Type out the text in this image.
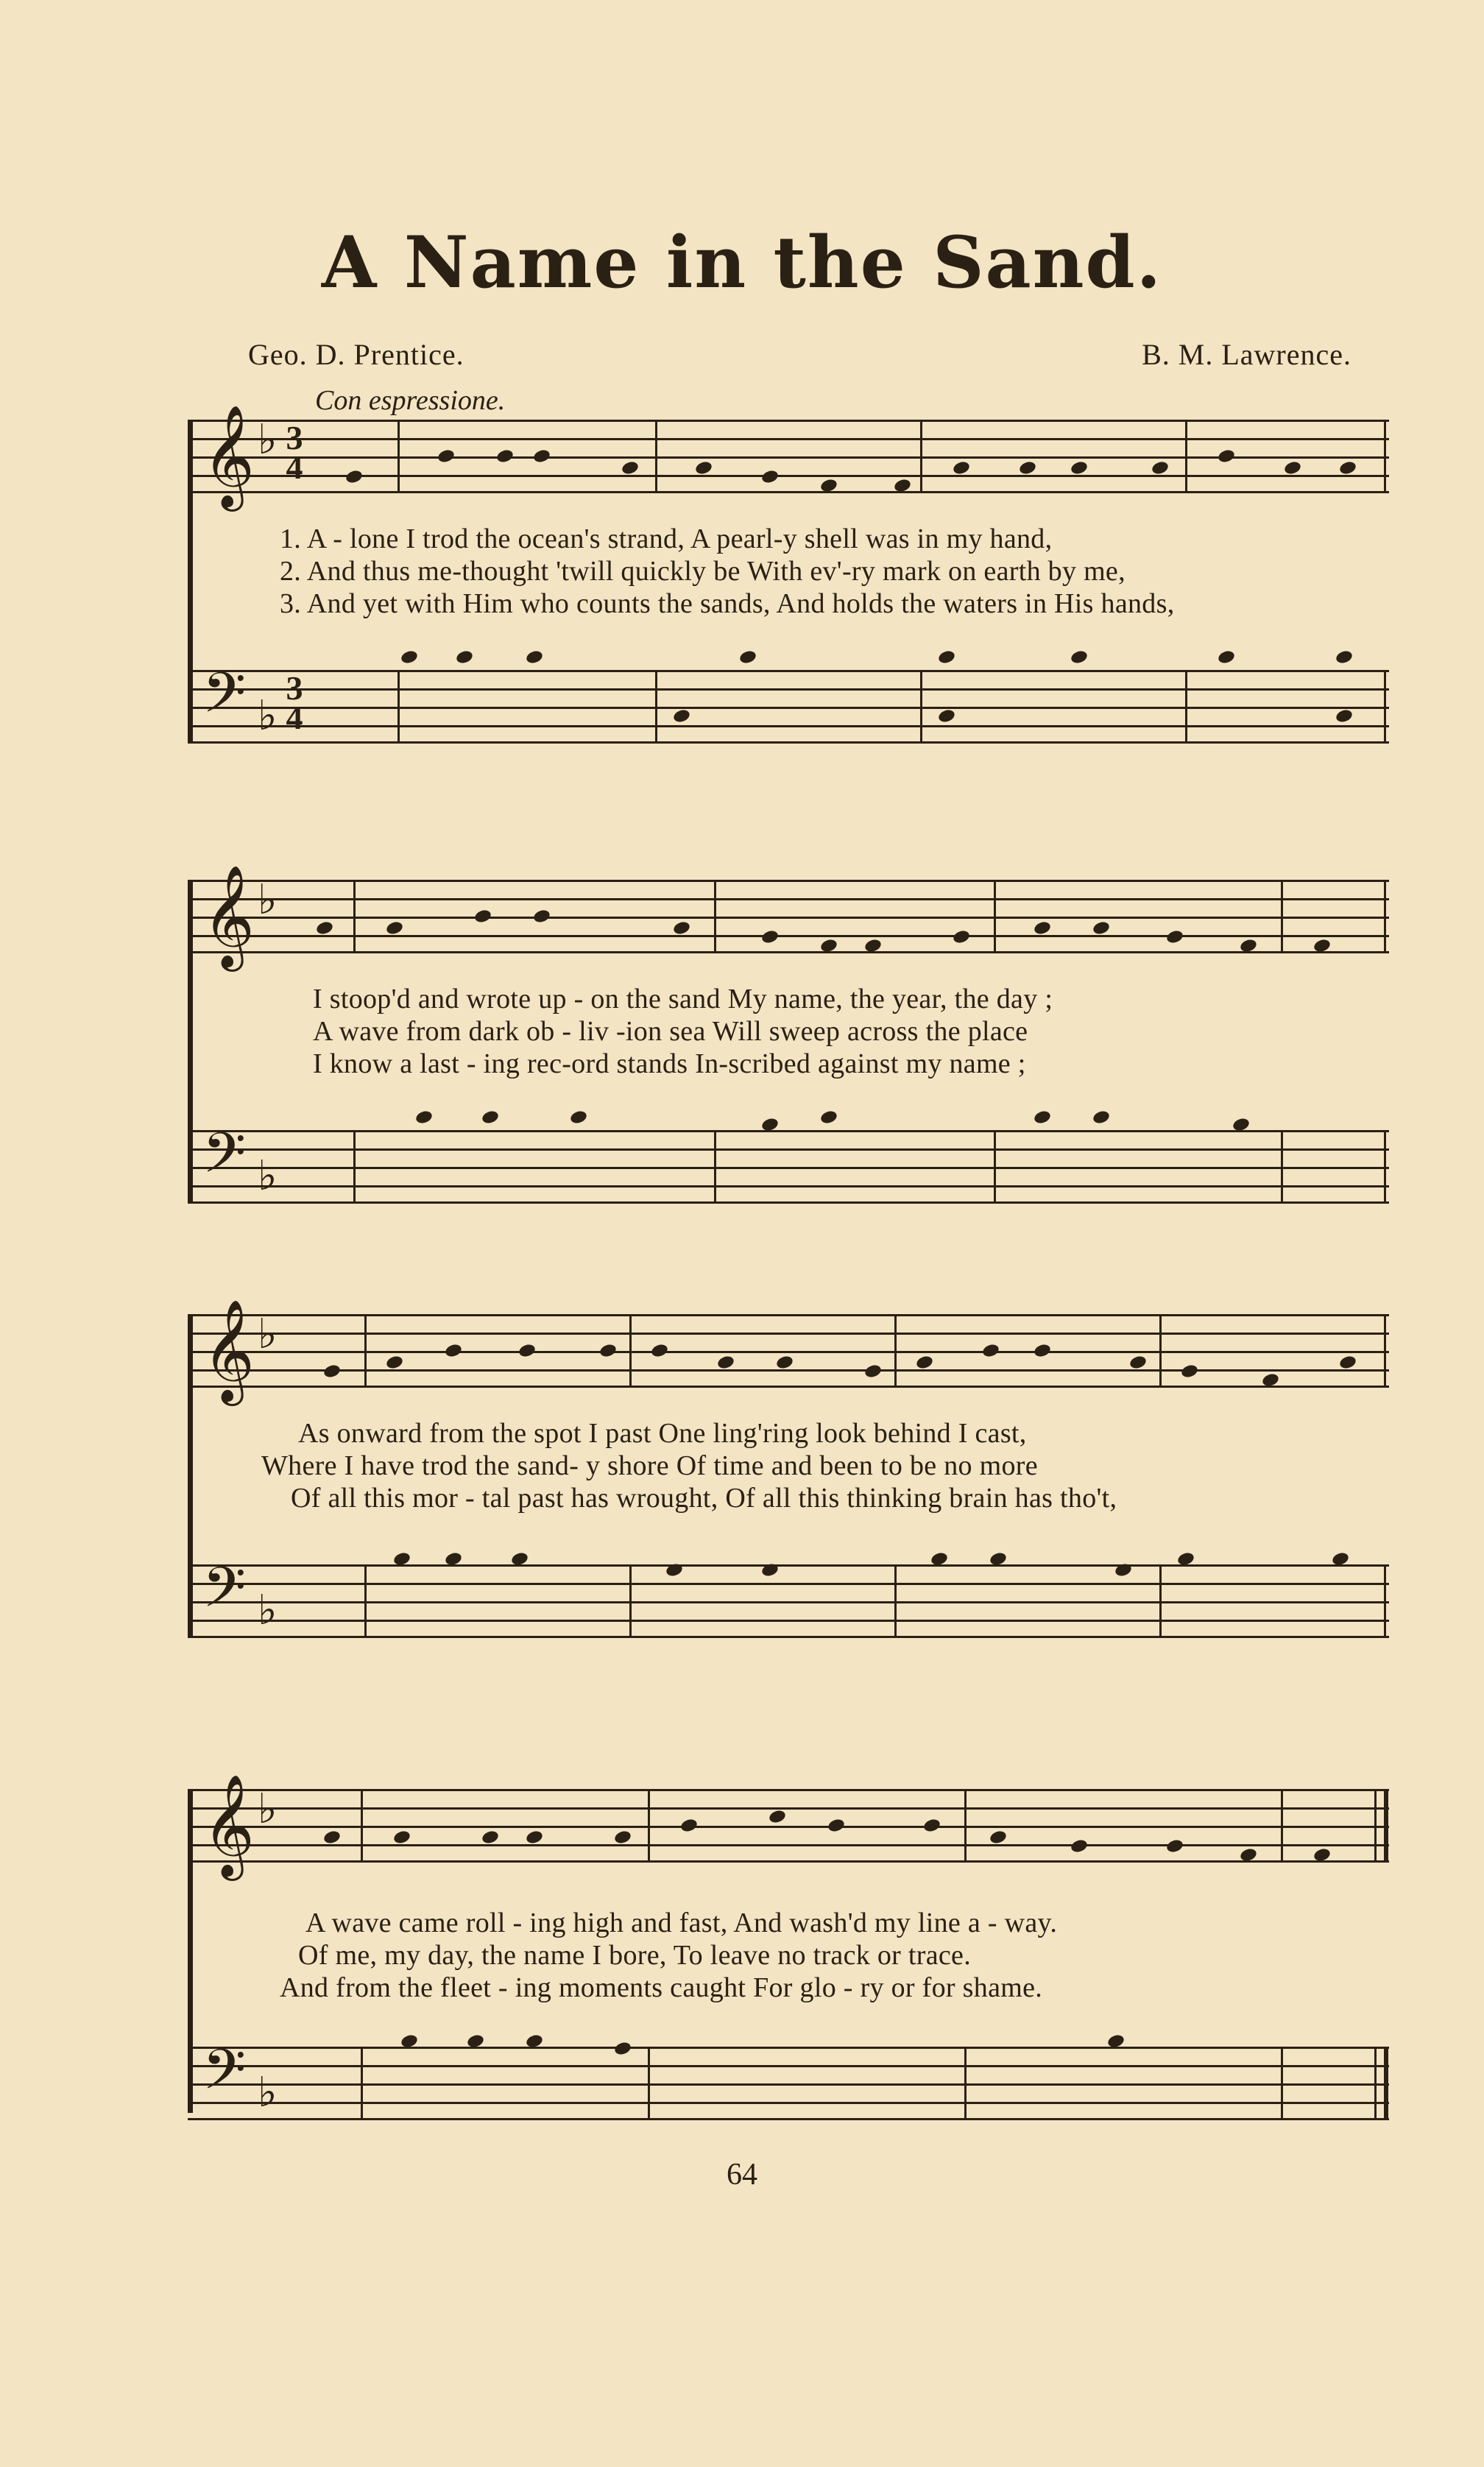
A Name in the Sand.
Geo. D. Prentice.	B. M. Lawrence.
Con espressione.
𝄞 ♭ 3
4
1. A - lone I trod the ocean's strand, A pearl-y shell was in my hand,
2. And thus me-thought 'twill quickly be With ev'-ry mark on earth by me,
3. And yet with Him who counts the sands, And holds the waters in His hands,
𝄢 ♭
3
4
𝄞 ♭
I stoop'd and wrote up - on the sand My name, the year, the day ;
A wave from dark ob - liv -ion sea Will sweep across the place
I know a last - ing rec-ord stands In-scribed against my name ;
𝄢 ♭
𝄞 ♭
As onward from the spot I past One ling'ring look behind I cast,
Where I have trod the sand- y shore Of time and been to be no more
Of all this mor - tal past has wrought, Of all this thinking brain has tho't,
𝄢 ♭
𝄞 ♭
A wave came roll - ing high and fast, And wash'd my line a - way.
Of me, my day, the name I bore, To leave no track or trace.
And from the fleet - ing moments caught For glo - ry or for shame.
𝄢 ♭
64
